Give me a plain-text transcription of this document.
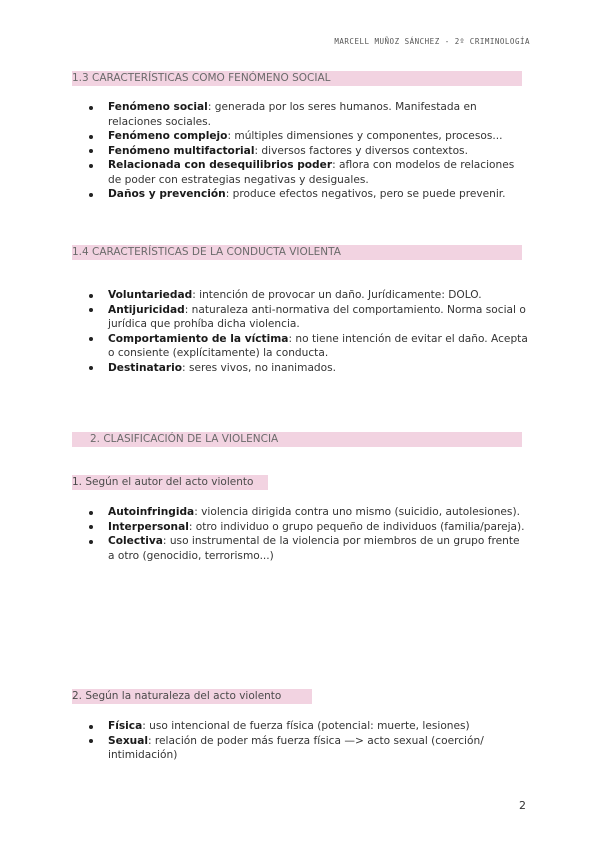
MARCELL MUÑOZ SÁNCHEZ - 2º CRIMINOLOGÍA
1.3 CARACTERÍSTICAS COMO FENÓMENO SOCIAL
Fenómeno social: generada por los seres humanos. Manifestada en relaciones sociales.
Fenómeno complejo: múltiples dimensiones y componentes, procesos...
Fenómeno multifactorial: diversos factores y diversos contextos.
Relacionada con desequilibrios poder: aflora con modelos de relaciones de poder con estrategias negativas y desiguales.
Daños y prevención: produce efectos negativos, pero se puede prevenir.
1.4 CARACTERÍSTICAS DE LA CONDUCTA VIOLENTA
Voluntariedad: intención de provocar un daño. Jurídicamente: DOLO.
Antijuricidad: naturaleza anti-normativa del comportamiento. Norma social o jurídica que prohíba dicha violencia.
Comportamiento de la víctima: no tiene intención de evitar el daño. Acepta o consiente (explícitamente) la conducta.
Destinatario: seres vivos, no inanimados.
2. CLASIFICACIÓN DE LA VIOLENCIA
1. Según el autor del acto violento
Autoinfringida: violencia dirigida contra uno mismo (suicidio, autolesiones).
Interpersonal: otro individuo o grupo pequeño de individuos (familia/pareja).
Colectiva: uso instrumental de la violencia por miembros de un grupo frente a otro (genocidio, terrorismo...)
2. Según la naturaleza del acto violento
Física: uso intencional de fuerza física (potencial: muerte, lesiones)
Sexual: relación de poder más fuerza física —> acto sexual (coerción/ intimidación)
2
